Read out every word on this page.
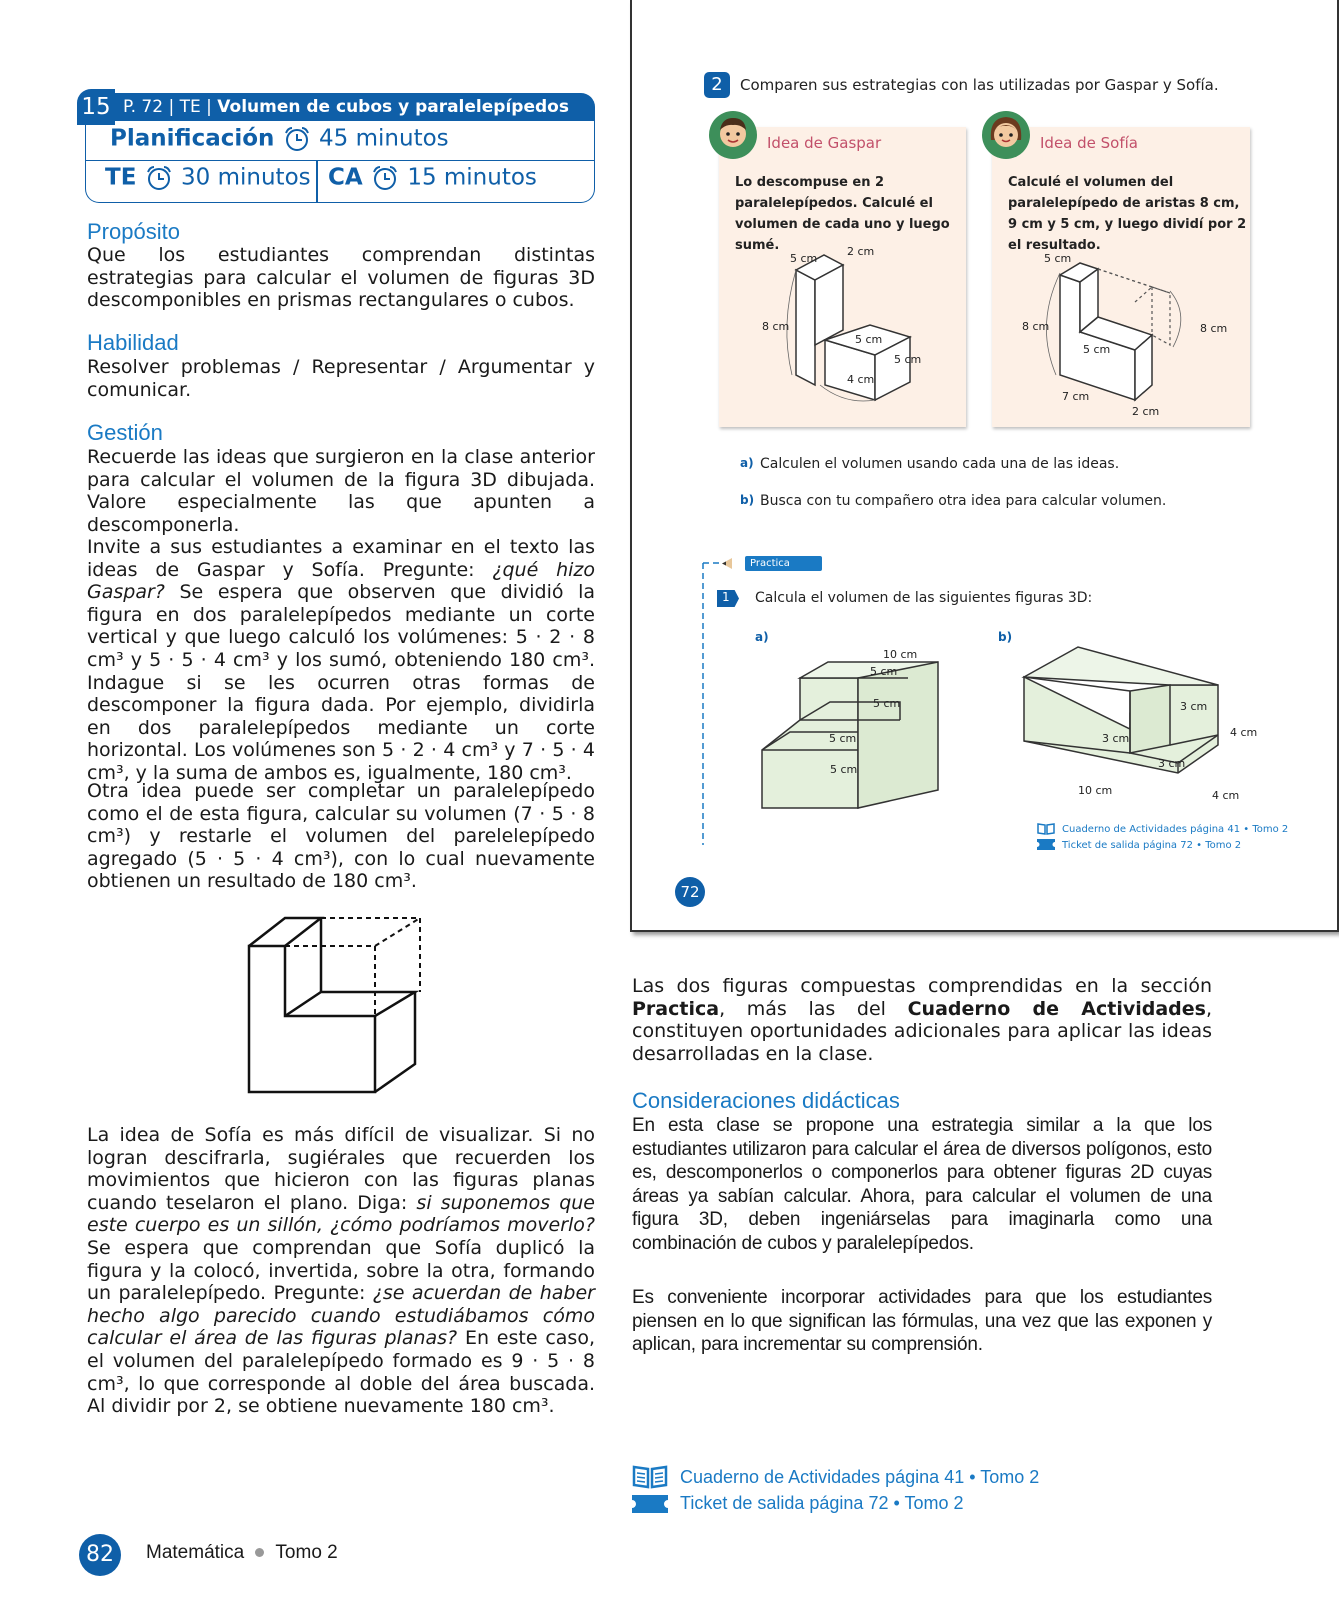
15 P. 72 | TE | Volumen de cubos y paralelepípedos
Planificación 45 minutos
TE 30 minutos CA 15 minutos
Propósito
Que los estudiantes comprendan distintas estrategias para calcular el volumen de figuras 3D descomponibles en prismas rectangulares o cubos.
Habilidad
Resolver problemas / Representar / Argumentar y comunicar.
Gestión
Recuerde las ideas que surgieron en la clase anterior para calcular el volumen de la figura 3D dibujada. Valore especialmente las que apunten a descomponerla.
Invite a sus estudiantes a examinar en el texto las ideas de Gaspar y Sofía. Pregunte: ¿qué hizo Gaspar? Se espera que observen que dividió la figura en dos paralelepípedos mediante un corte vertical y que luego calculó los volúmenes: 5 · 2 · 8 cm³ y 5 · 5 · 4 cm³ y los sumó, obteniendo 180 cm³. Indague si se les ocurren otras formas de descomponer la figura dada. Por ejemplo, dividirla en dos paralelepípedos mediante un corte horizontal. Los volúmenes son 5 · 2 · 4 cm³ y 7 · 5 · 4 cm³, y la suma de ambos es, igualmente, 180 cm³.
Otra idea puede ser completar un paralelepípedo como el de esta figura, calcular su volumen (7 · 5 · 8 cm³) y restarle el volumen del parelelepípedo agregado (5 · 5 · 4 cm³), con lo cual nuevamente obtienen un resultado de 180 cm³.
La idea de Sofía es más difícil de visualizar. Si no logran descifrarla, sugiérales que recuerden los movimientos que hicieron con las figuras planas cuando teselaron el plano. Diga: si suponemos que este cuerpo es un sillón, ¿cómo podríamos moverlo? Se espera que comprendan que Sofía duplicó la figura y la colocó, invertida, sobre la otra, formando un paralelepípedo. Pregunte: ¿se acuerdan de haber hecho algo parecido cuando estudiábamos cómo calcular el área de las figuras planas? En este caso, el volumen del paralelepípedo formado es 9 · 5 · 8 cm³, lo que corresponde al doble del área buscada. Al dividir por 2, se obtiene nuevamente 180 cm³.
2	Comparen sus estrategias con las utilizadas por Gaspar y Sofía.
Idea de Gaspar
Lo descompuse en 2 paralelepípedos. Calculé el volumen de cada uno y luego sumé.
5 cm
2 cm
8 cm
5 cm
5 cm
4 cm
Idea de Sofía
Calculé el volumen del paralelepípedo de aristas 8 cm, 9 cm y 5 cm, y luego dividí por 2 el resultado.
5 cm
8 cm	8 cm
5 cm
7 cm
2 cm
a) Calculen el volumen usando cada una de las ideas.
b) Busca con tu compañero otra idea para calcular volumen.
Practica
1 Calcula el volumen de las siguientes figuras 3D:
a)
10 cm
5 cm
5 cm
5 cm
5 cm
b)
3 cm
3 cm	4 cm
3 cm
10 cm	4 cm
Cuaderno de Actividades página 41 • Tomo 2
Ticket de salida página 72 • Tomo 2
72
Las dos figuras compuestas comprendidas en la sección Practica, más las del Cuaderno de Actividades, constituyen oportunidades adicionales para aplicar las ideas desarrolladas en la clase.
Consideraciones didácticas
En esta clase se propone una estrategia similar a la que los estudiantes utilizaron para calcular el área de diversos polígonos, esto es, descomponerlos o componerlos para obtener figuras 2D cuyas áreas ya sabían calcular. Ahora, para calcular el volumen de una figura 3D, deben ingeniárselas para imaginarla como una combinación de cubos y paralelepípedos.
Es conveniente incorporar actividades para que los estudiantes piensen en lo que significan las fórmulas, una vez que las exponen y aplican, para incrementar su comprensión.
Cuaderno de Actividades página 41 • Tomo 2
Ticket de salida página 72 • Tomo 2
82	Matemática Tomo 2
